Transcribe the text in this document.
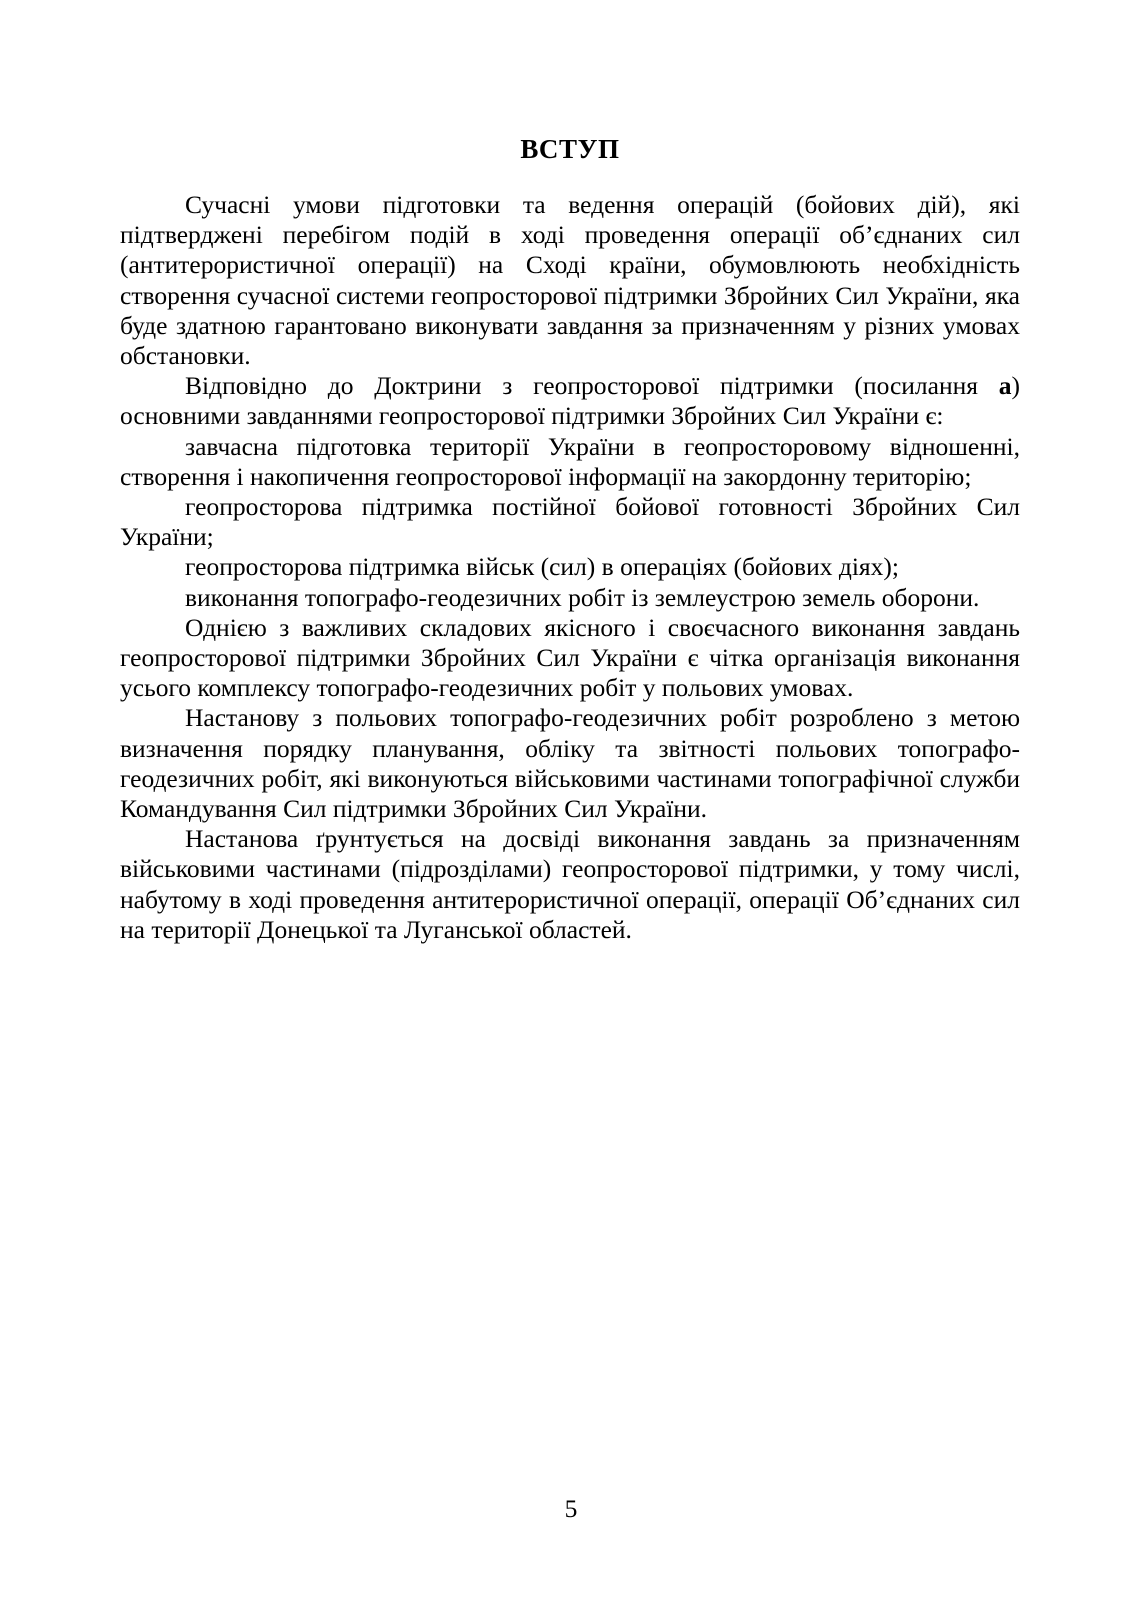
ВСТУП

Сучасні умови підготовки та ведення операцій (бойових дій), які підтверджені перебігом подій в ході проведення операції об’єднаних сил (антитерористичної операції) на Сході країни, обумовлюють необхідність створення сучасної системи геопросторової підтримки Збройних Сил України, яка буде здатною гарантовано виконувати завдання за призначенням у різних умовах обстановки.

Відповідно до Доктрини з геопросторової підтримки (посилання а) основними завданнями геопросторової підтримки Збройних Сил України є:

завчасна підготовка території України в геопросторовому відношенні, створення і накопичення геопросторової інформації на закордонну територію;

геопросторова підтримка постійної бойової готовності Збройних Сил України;

геопросторова підтримка військ (сил) в операціях (бойових діях);

виконання топографо-геодезичних робіт із землеустрою земель оборони.

Однією з важливих складових якісного і своєчасного виконання завдань геопросторової підтримки Збройних Сил України є чітка організація виконання усього комплексу топографо-геодезичних робіт у польових умовах.

Настанову з польових топографо-геодезичних робіт розроблено з метою визначення порядку планування, обліку та звітності польових топографо-геодезичних робіт, які виконуються військовими частинами топографічної служби Командування Сил підтримки Збройних Сил України.

Настанова ґрунтується на досвіді виконання завдань за призначенням військовими частинами (підрозділами) геопросторової підтримки, у тому числі, набутому в ході проведення антитерористичної операції, операції Об’єднаних сил на території Донецької та Луганської областей.

5
